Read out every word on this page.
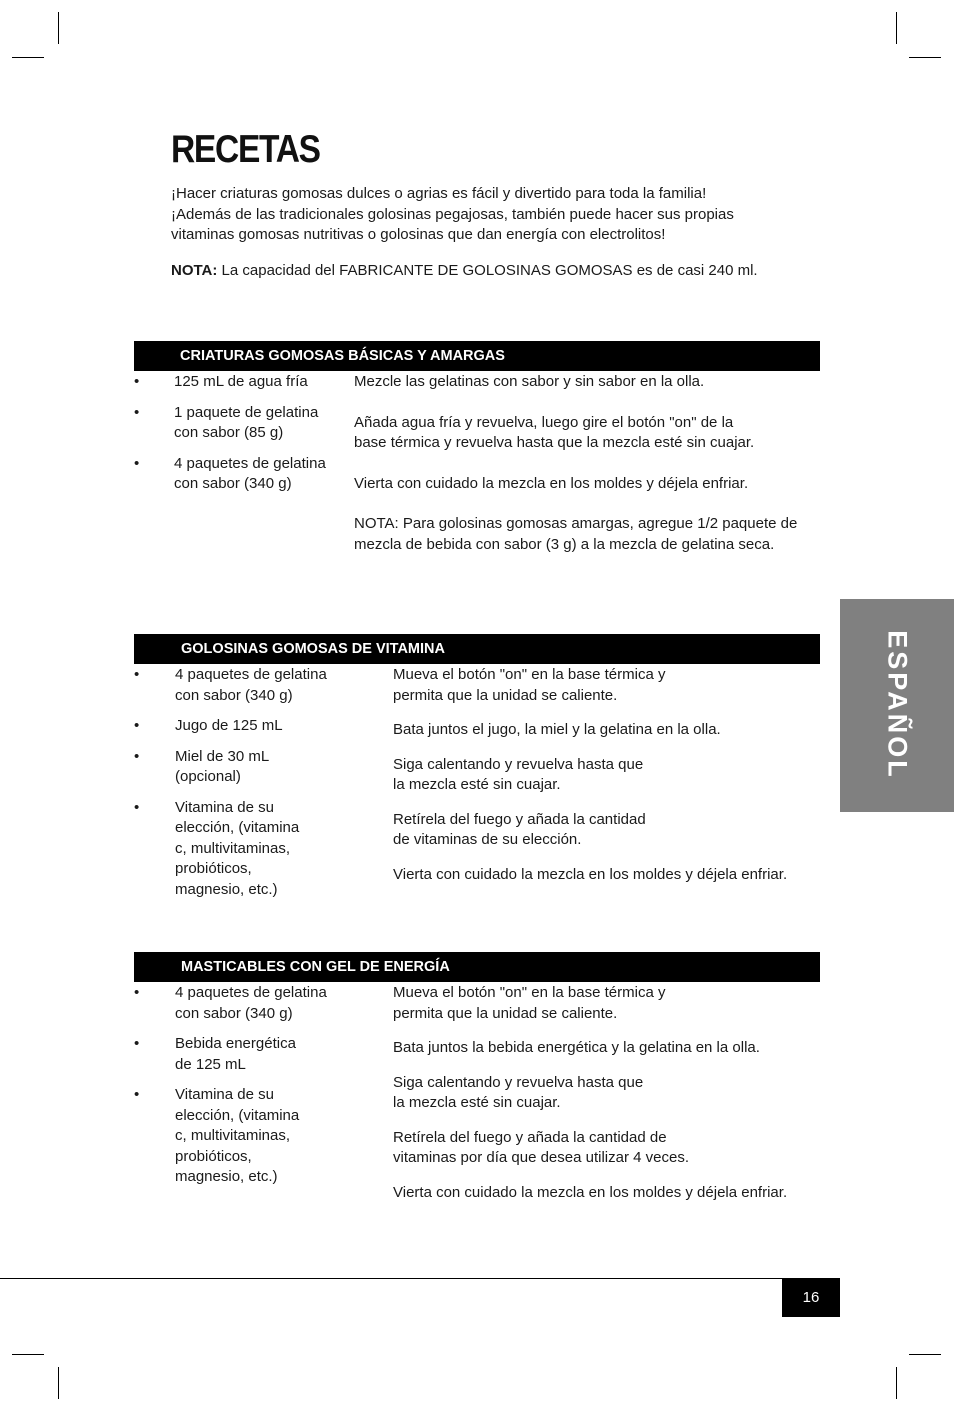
RECETAS
¡Hacer criaturas gomosas dulces o agrias es fácil y divertido para toda la familia!
¡Además de las tradicionales golosinas pegajosas, también puede hacer sus propias
vitaminas gomosas nutritivas o golosinas que dan energía con electrolitos!
NOTA: La capacidad del FABRICANTE DE GOLOSINAS GOMOSAS es de casi 240 ml.
CRIATURAS GOMOSAS BÁSICAS Y AMARGAS
• 125 mL de agua fría
• 1 paquete de gelatina
con sabor (85 g)
• 4 paquetes de gelatina
con sabor (340 g)

Mezcle las gelatinas con sabor y sin sabor en la olla.

Añada agua fría y revuelva, luego gire el botón "on" de la
base térmica y revuelva hasta que la mezcla esté sin cuajar.

Vierta con cuidado la mezcla en los moldes y déjela enfriar.

NOTA: Para golosinas gomosas amargas, agregue 1/2 paquete de
mezcla de bebida con sabor (3 g) a la mezcla de gelatina seca.

GOLOSINAS GOMOSAS DE VITAMINA
• 4 paquetes de gelatina
con sabor (340 g)
• Jugo de 125 mL
• Miel de 30 mL
(opcional)
• Vitamina de su
elección, (vitamina
c, multivitaminas,
probióticos,
magnesio, etc.)

Mueva el botón "on" en la base térmica y
permita que la unidad se caliente.

Bata juntos el jugo, la miel y la gelatina en la olla.

Siga calentando y revuelva hasta que
la mezcla esté sin cuajar.

Retírela del fuego y añada la cantidad
de vitaminas de su elección.

Vierta con cuidado la mezcla en los moldes y déjela enfriar.

MASTICABLES CON GEL DE ENERGÍA
• 4 paquetes de gelatina
con sabor (340 g)
• Bebida energética
de 125 mL
• Vitamina de su
elección, (vitamina
c, multivitaminas,
probióticos,
magnesio, etc.)

Mueva el botón "on" en la base térmica y
permita que la unidad se caliente.

Bata juntos la bebida energética y la gelatina en la olla.

Siga calentando y revuelva hasta que
la mezcla esté sin cuajar.

Retírela del fuego y añada la cantidad de
vitaminas por día que desea utilizar 4 veces.

Vierta con cuidado la mezcla en los moldes y déjela enfriar.

ESPAÑOL
16
